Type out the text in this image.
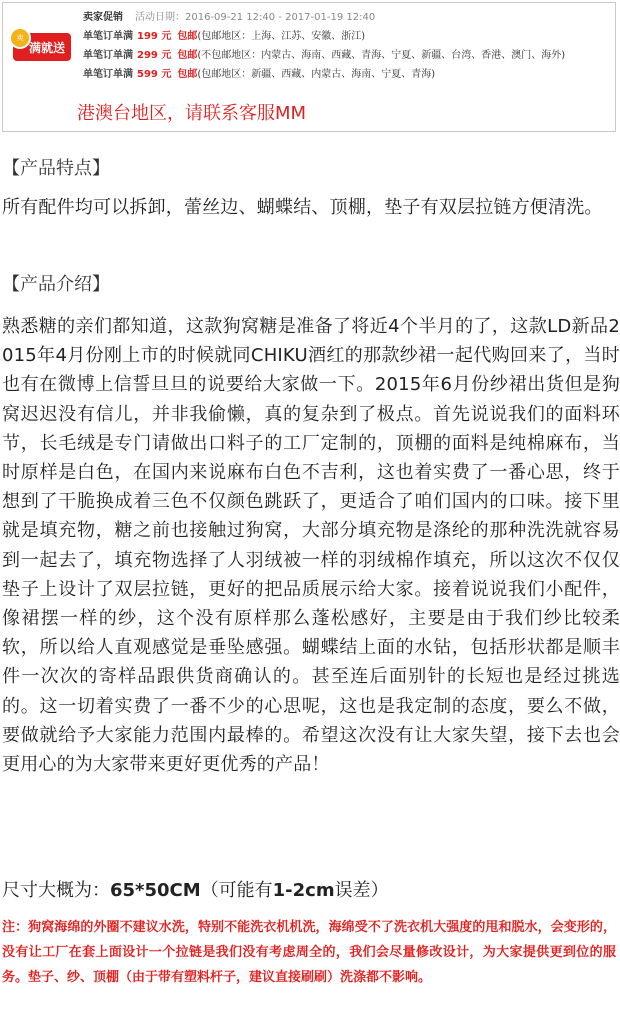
卖
满就送
卖家促销 活动日期：2016-09-21 12:40 - 2017-01-19 12:40
单笔订单满 199 元 包邮(包邮地区：上海、江苏、安徽、浙江)
单笔订单满 299 元 包邮(不包邮地区：内蒙古、海南、西藏、青海、宁夏、新疆、台湾、香港、澳门、海外)
单笔订单满 599 元 包邮(包邮地区：新疆、西藏、内蒙古、海南、宁夏、青海)
港澳台地区，请联系客服MM
【产品特点】
所有配件均可以拆卸，蕾丝边、蝴蝶结、顶棚，垫子有双层拉链方便清洗。
【产品介绍】
熟悉糖的亲们都知道，这款狗窝糖是准备了将近4个半月的了，这款LD新品2015年4月份刚上市的时候就同CHIKU酒红的那款纱裙一起代购回来了，当时也有在微博上信誓旦旦的说要给大家做一下。2015年6月份纱裙出货但是狗窝迟迟没有信儿，并非我偷懒，真的复杂到了极点。首先说说我们的面料环节，长毛绒是专门请做出口料子的工厂定制的，顶棚的面料是纯棉麻布，当时原样是白色，在国内来说麻布白色不吉利，这也着实费了一番心思，终于想到了干脆换成着三色不仅颜色跳跃了，更适合了咱们国内的口味。接下里就是填充物，糖之前也接触过狗窝，大部分填充物是涤纶的那种洗洗就容易到一起去了，填充物选择了人羽绒被一样的羽绒棉作填充，所以这次不仅仅垫子上设计了双层拉链，更好的把品质展示给大家。接着说说我们小配件，像裙摆一样的纱，这个没有原样那么蓬松感好，主要是由于我们纱比较柔软，所以给人直观感觉是垂坠感强。蝴蝶结上面的水钻，包括形状都是顺丰件一次次的寄样品跟供货商确认的。甚至连后面别针的长短也是经过挑选的。这一切着实费了一番不少的心思呢，这也是我定制的态度，要么不做，要做就给予大家能力范围内最棒的。希望这次没有让大家失望，接下去也会更用心的为大家带来更好更优秀的产品！
尺寸大概为：65*50CM（可能有1-2cm误差）
注：狗窝海绵的外圈不建议水洗，特别不能洗衣机机洗，海绵受不了洗衣机大强度的甩和脱水，会变形的，没有让工厂在套上面设计一个拉链是我们没有考虑周全的，我们会尽量修改设计，为大家提供更到位的服务。垫子、纱、顶棚（由于带有塑料杆子，建议直接刷刷）洗涤都不影响。
